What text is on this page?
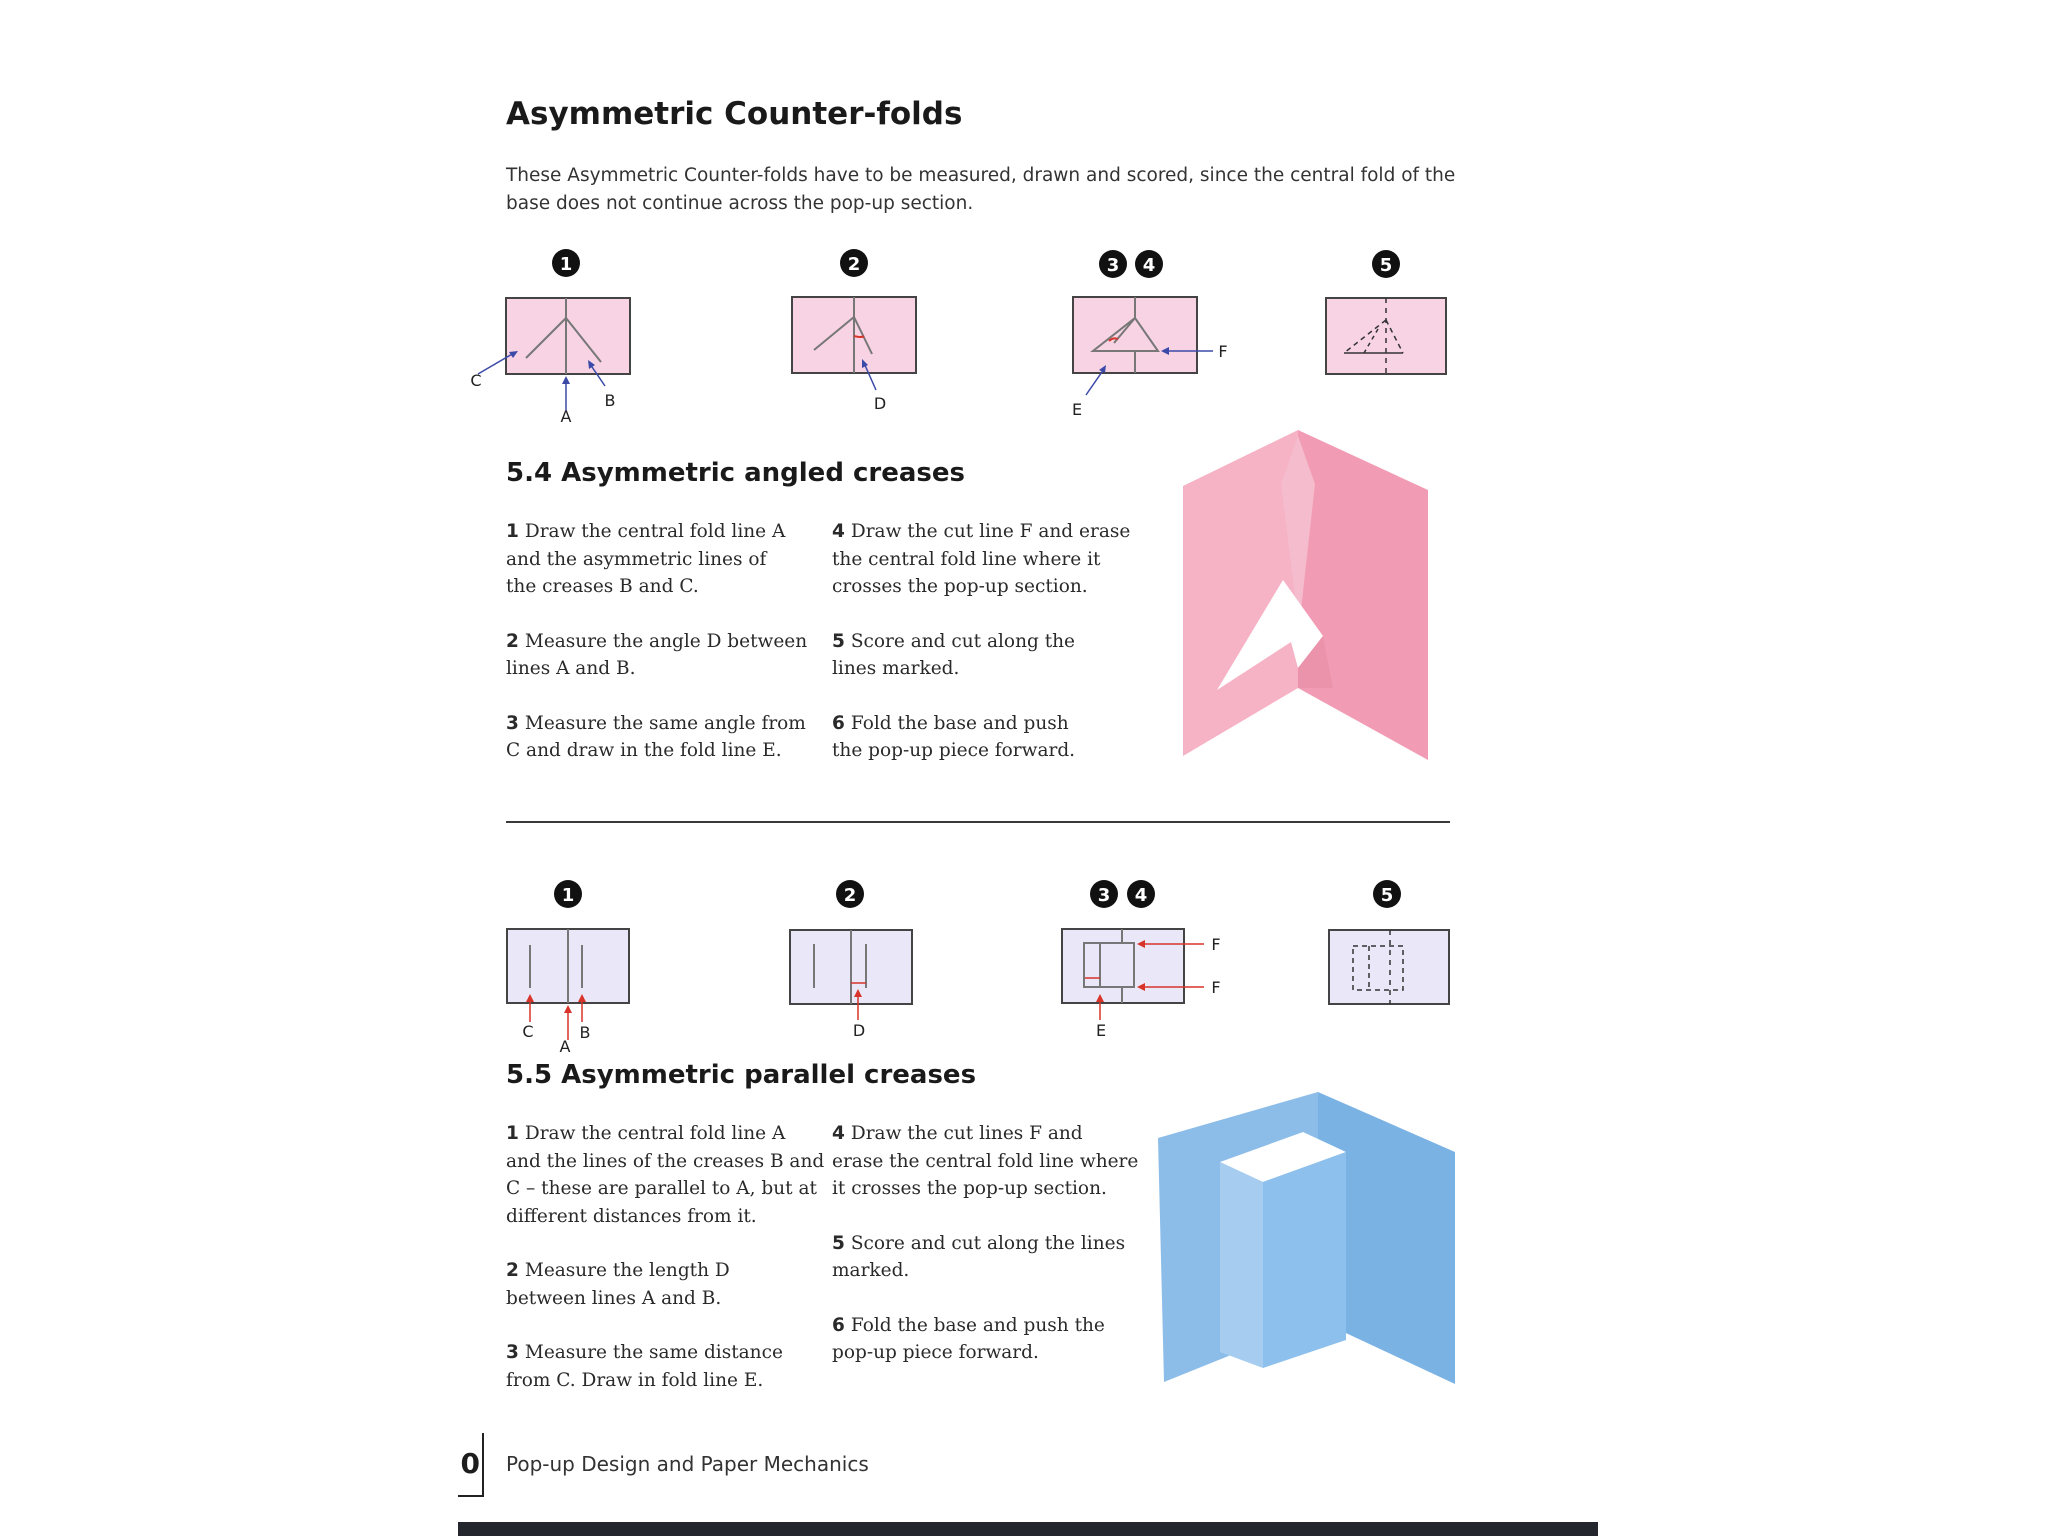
Asymmetric Counter-folds
These Asymmetric Counter-folds have to be measured, drawn and scored, since the central fold of the base does not continue across the pop-up section.
1
A
B
C
2
D
3 4
F
E
5
5.4 Asymmetric angled creases
1 Draw the central fold line A
and the asymmetric lines of
the creases B and C.
2 Measure the angle D between
lines A and B.
3 Measure the same angle from
C and draw in the fold line E.
4 Draw the cut line F and erase
the central fold line where it
crosses the pop-up section.
5 Score and cut along the
lines marked.
6 Fold the base and push
the pop-up piece forward.
1
C
A
B
2
D
3 4
F
F
E
5
5.5 Asymmetric parallel creases
1 Draw the central fold line A
and the lines of the creases B and
C – these are parallel to A, but at
different distances from it.
2 Measure the length D
between lines A and B.
3 Measure the same distance
from C. Draw in fold line E.
4 Draw the cut lines F and
erase the central fold line where
it crosses the pop-up section.
5 Score and cut along the lines
marked.
6 Fold the base and push the
pop-up piece forward.
0 Pop-up Design and Paper Mechanics
